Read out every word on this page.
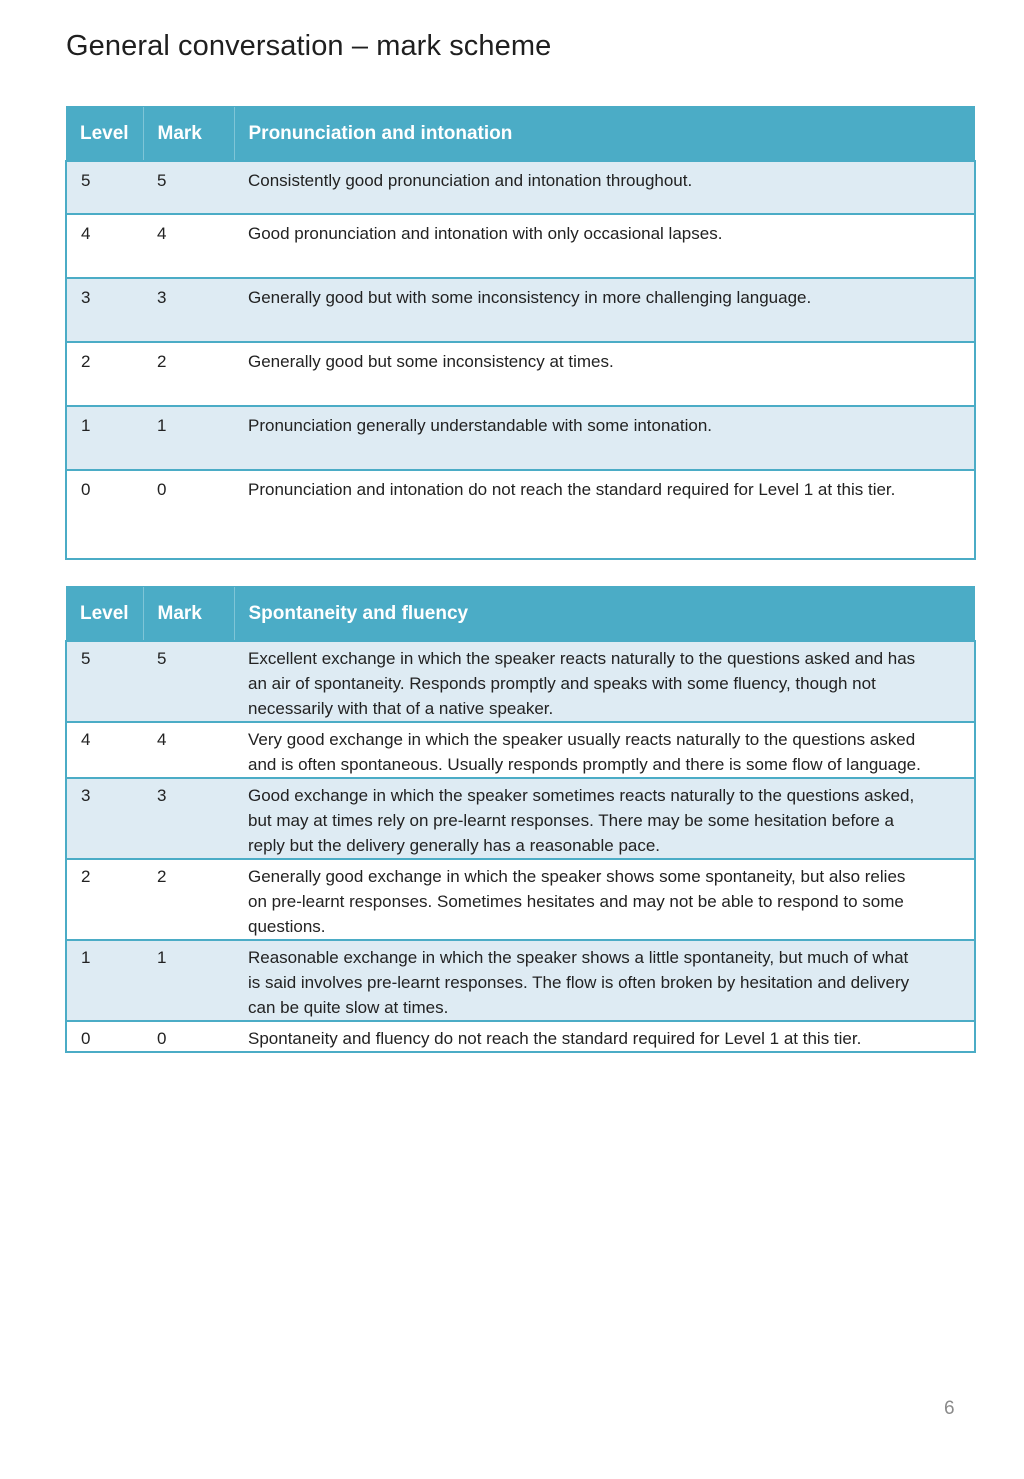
General conversation – mark scheme
Level	Mark	Pronunciation and intonation
5	5	Consistently good pronunciation and intonation throughout.
4	4	Good pronunciation and intonation with only occasional lapses.
3	3	Generally good but with some inconsistency in more challenging language.
2	2	Generally good but some inconsistency at times.
1	1	Pronunciation generally understandable with some intonation.
0	0	Pronunciation and intonation do not reach the standard required for Level 1 at this tier.
Level	Mark	Spontaneity and fluency
5	5	Excellent exchange in which the speaker reacts naturally to the questions asked and has an air of spontaneity. Responds promptly and speaks with some fluency, though not necessarily with that of a native speaker.
4	4	Very good exchange in which the speaker usually reacts naturally to the questions asked and is often spontaneous. Usually responds promptly and there is some flow of language.
3	3	Good exchange in which the speaker sometimes reacts naturally to the questions asked, but may at times rely on pre-learnt responses. There may be some hesitation before a reply but the delivery generally has a reasonable pace.
2	2	Generally good exchange in which the speaker shows some spontaneity, but also relies on pre-learnt responses. Sometimes hesitates and may not be able to respond to some questions.
1	1	Reasonable exchange in which the speaker shows a little spontaneity, but much of what is said involves pre-learnt responses. The flow is often broken by hesitation and delivery can be quite slow at times.
0	0	Spontaneity and fluency do not reach the standard required for Level 1 at this tier.
6
